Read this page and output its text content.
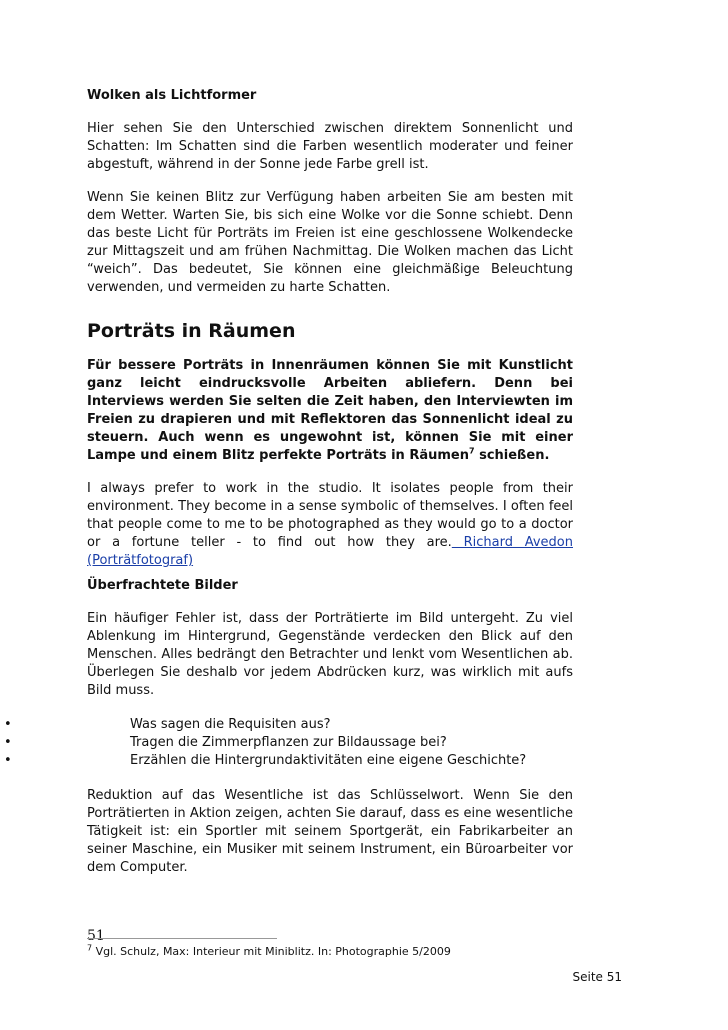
Wolken als Lichtformer

Hier sehen Sie den Unterschied zwischen direktem Sonnenlicht und Schatten: Im Schatten sind die Farben wesentlich moderater und feiner abgestuft, während in der Sonne jede Farbe grell ist.

Wenn Sie keinen Blitz zur Verfügung haben arbeiten Sie am besten mit dem Wetter. Warten Sie, bis sich eine Wolke vor die Sonne schiebt. Denn das beste Licht für Porträts im Freien ist eine geschlossene Wolkendecke zur Mittagszeit und am frühen Nachmittag. Die Wolken machen das Licht “weich”. Das bedeutet, Sie können eine gleichmäßige Beleuchtung verwenden, und vermeiden zu harte Schatten.

Porträts in Räumen

Für bessere Porträts in Innenräumen können Sie mit Kunstlicht ganz leicht eindrucksvolle Arbeiten abliefern. Denn bei Interviews werden Sie selten die Zeit haben, den Interviewten im Freien zu drapieren und mit Reflektoren das Sonnenlicht ideal zu steuern. Auch wenn es ungewohnt ist, können Sie mit einer Lampe und einem Blitz perfekte Porträts in Räumen$^7$ schießen.

I always prefer to work in the studio. It isolates people from their environment. They become in a sense symbolic of themselves. I often feel that people come to me to be photographed as they would go to a doctor or a fortune teller - to find out how they are. Richard Avedon (Porträtfotograf)

Überfrachtete Bilder

Ein häufiger Fehler ist, dass der Porträtierte im Bild untergeht. Zu viel Ablenkung im Hintergrund, Gegenstände verdecken den Blick auf den Menschen. Alles bedrängt den Betrachter und lenkt vom Wesentlichen ab. Überlegen Sie deshalb vor jedem Abdrücken kurz, was wirklich mit aufs Bild muss.

•	Was sagen die Requisiten aus?
•	Tragen die Zimmerpflanzen zur Bildaussage bei?
•	Erzählen die Hintergrundaktivitäten eine eigene Geschichte?

Reduktion auf das Wesentliche ist das Schlüsselwort. Wenn Sie den Porträtierten in Aktion zeigen, achten Sie darauf, dass es eine wesentliche Tätigkeit ist: ein Sportler mit seinem Sportgerät, ein Fabrikarbeiter an seiner Maschine, ein Musiker mit seinem Instrument, ein Büroarbeiter vor dem Computer.

51
$^7$ Vgl. Schulz, Max: Interieur mit Miniblitz. In: Photographie 5/2009
Seite 51
